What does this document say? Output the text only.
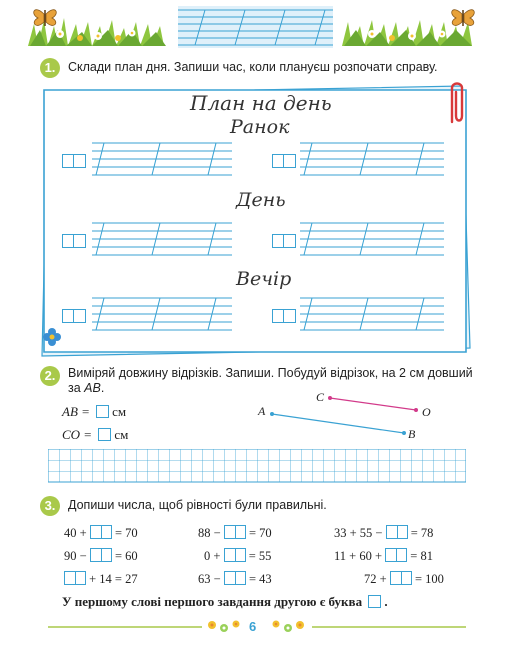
1.	Склади план дня. Запиши час, коли плануєш розпочати справу.
План на день
Ранок
День
Вечір
2.	Виміряй довжину відрізків. Запиши. Побудуй відрізок, на 2 см довший
за AB.
AB = см
CO = см
A
B
C
O
3.	Допиши числа, щоб рівності були правильні.
40 + = 70
90 − = 60
+ 14 = 27
88 − = 70
0 + = 55
63 − = 43
33 + 55 − = 78
11 + 60 + = 81
72 + = 100
У першому слові першого завдання другою є буква .
6
